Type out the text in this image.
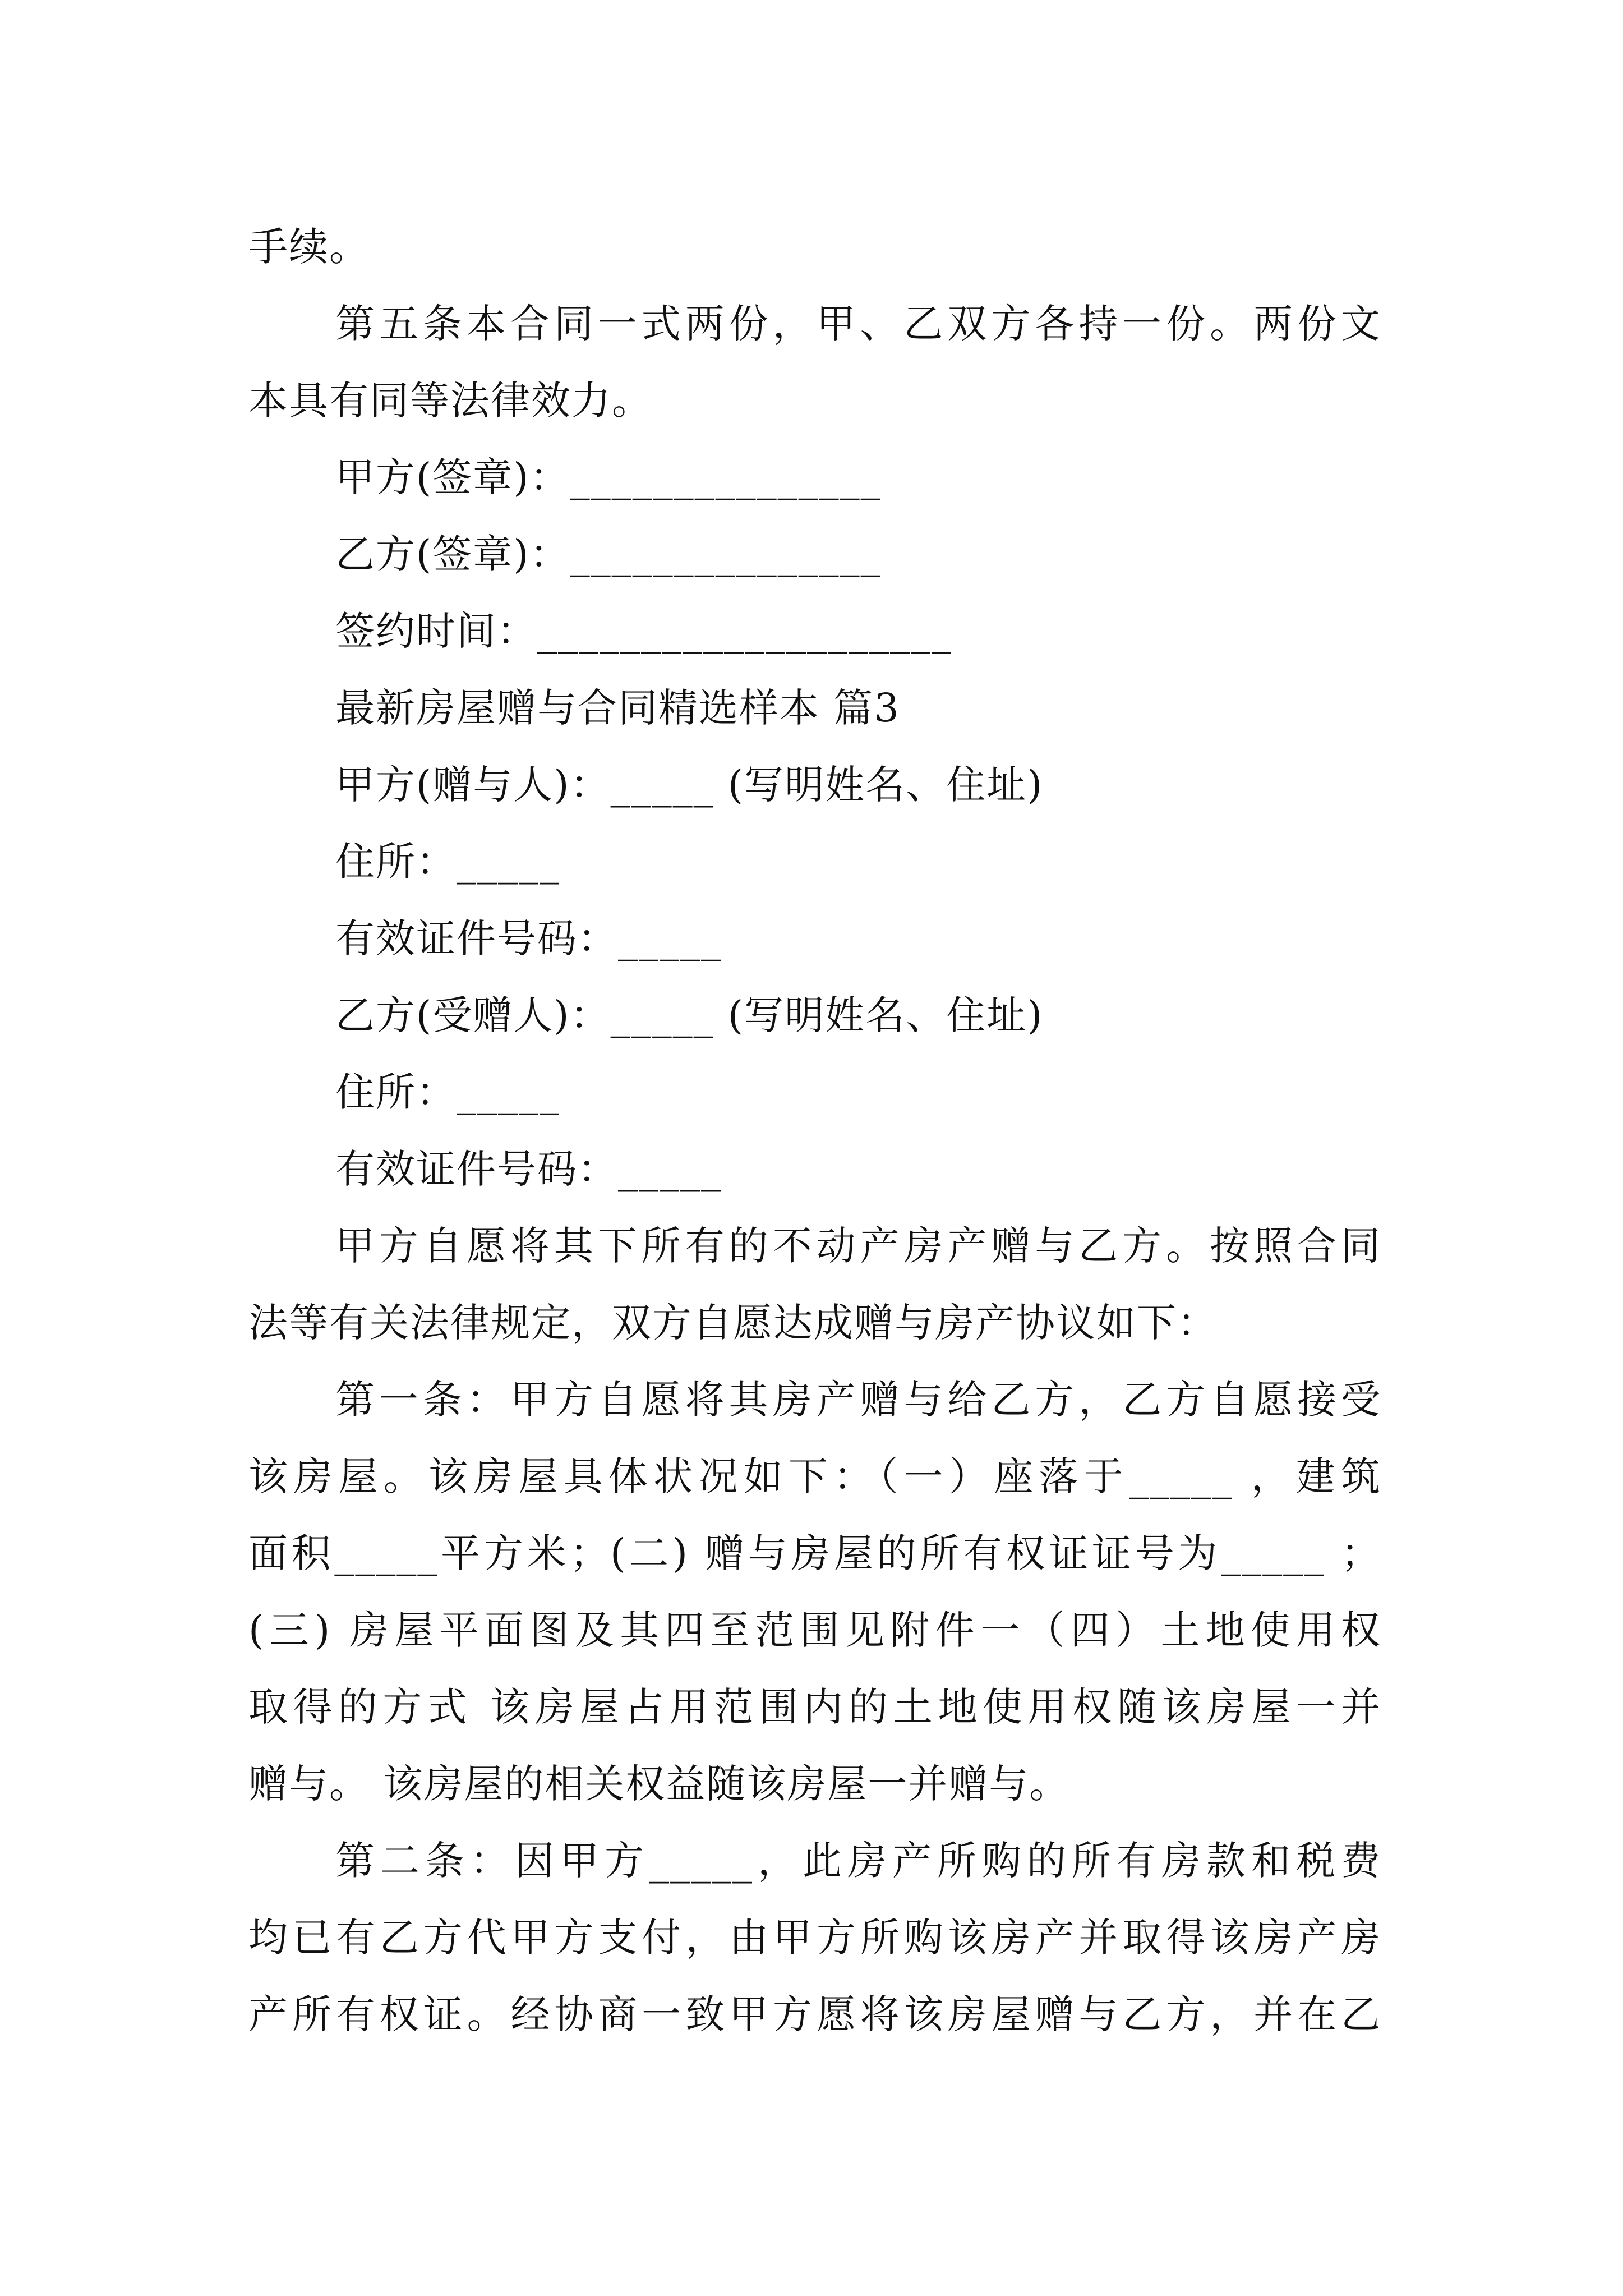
手续。
第五条本合同一式两份，甲、乙双方各持一份。两份文
本具有同等法律效力。
甲方(签章)：_______________
乙方(签章)：_______________
签约时间：____________________
最新房屋赠与合同精选样本 篇3
甲方(赠与人)：_____ (写明姓名、住址)
住所：_____
有效证件号码：_____
乙方(受赠人)：_____ (写明姓名、住址)
住所：_____
有效证件号码：_____
甲方自愿将其下所有的不动产房产赠与乙方。按照合同
法等有关法律规定，双方自愿达成赠与房产协议如下：
第一条：甲方自愿将其房产赠与给乙方，乙方自愿接受
该房屋。该房屋具体状况如下：（一）座落于_____ ，建筑
面积_____平方米；(二) 赠与房屋的所有权证证号为_____ ；
(三) 房屋平面图及其四至范围见附件一（四）土地使用权
取得的方式 该房屋占用范围内的土地使用权随该房屋一并
赠与。 该房屋的相关权益随该房屋一并赠与。
第二条：因甲方_____，此房产所购的所有房款和税费
均已有乙方代甲方支付，由甲方所购该房产并取得该房产房
产所有权证。经协商一致甲方愿将该房屋赠与乙方，并在乙
